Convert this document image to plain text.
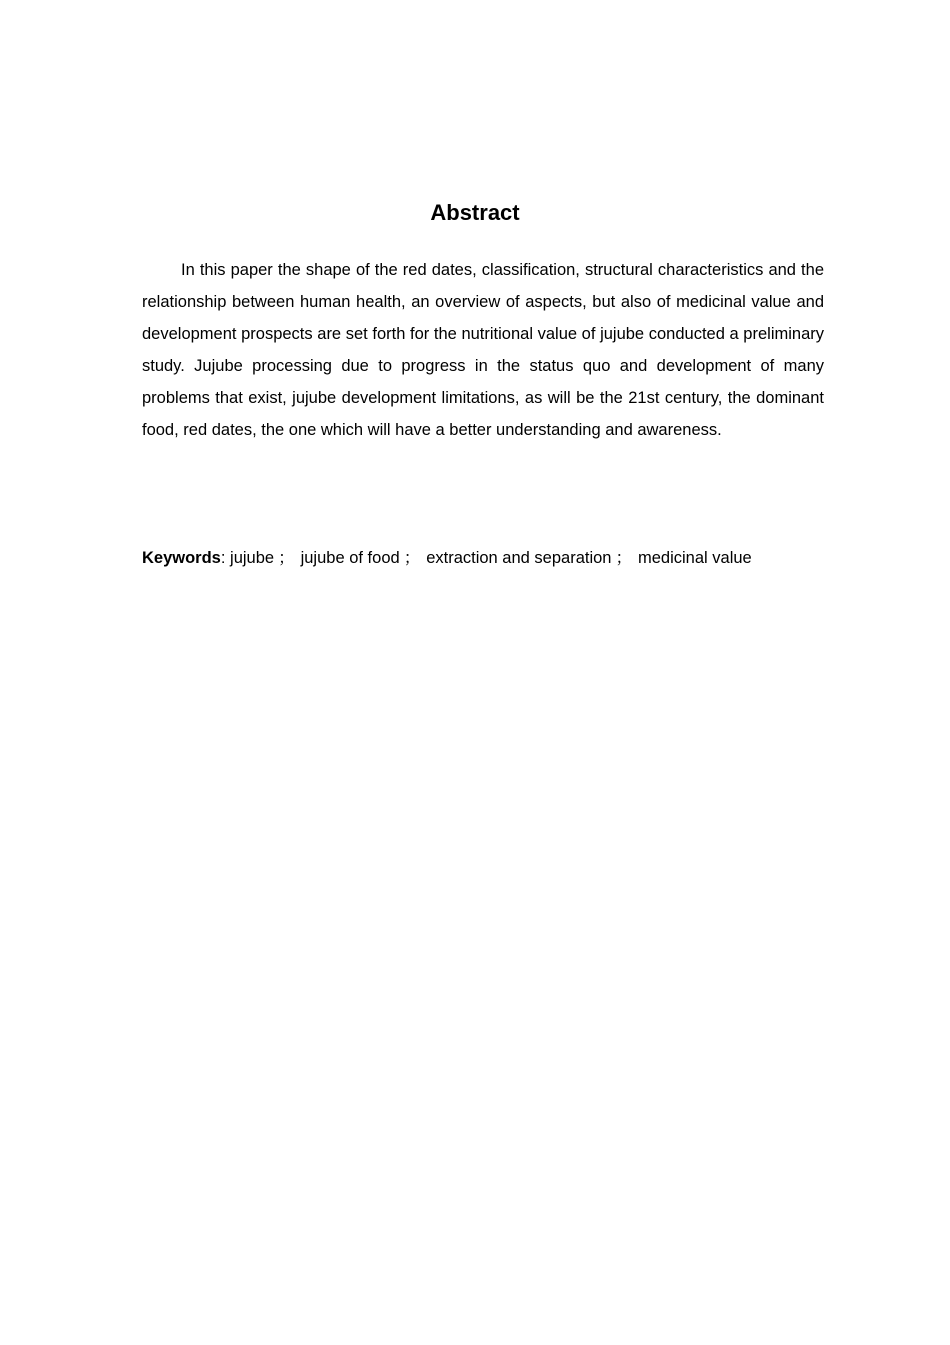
Abstract

In this paper the shape of the red dates, classification, structural characteristics and the relationship between human health, an overview of aspects, but also of medicinal value and development prospects are set forth for the nutritional value of jujube conducted a preliminary study. Jujube processing due to progress in the status quo and development of many problems that exist, jujube development limitations, as will be the 21st century, the dominant food, red dates, the one which will have a better understanding and awareness.

Keywords: jujube ； jujube of food ； extraction and separation ； medicinal value
